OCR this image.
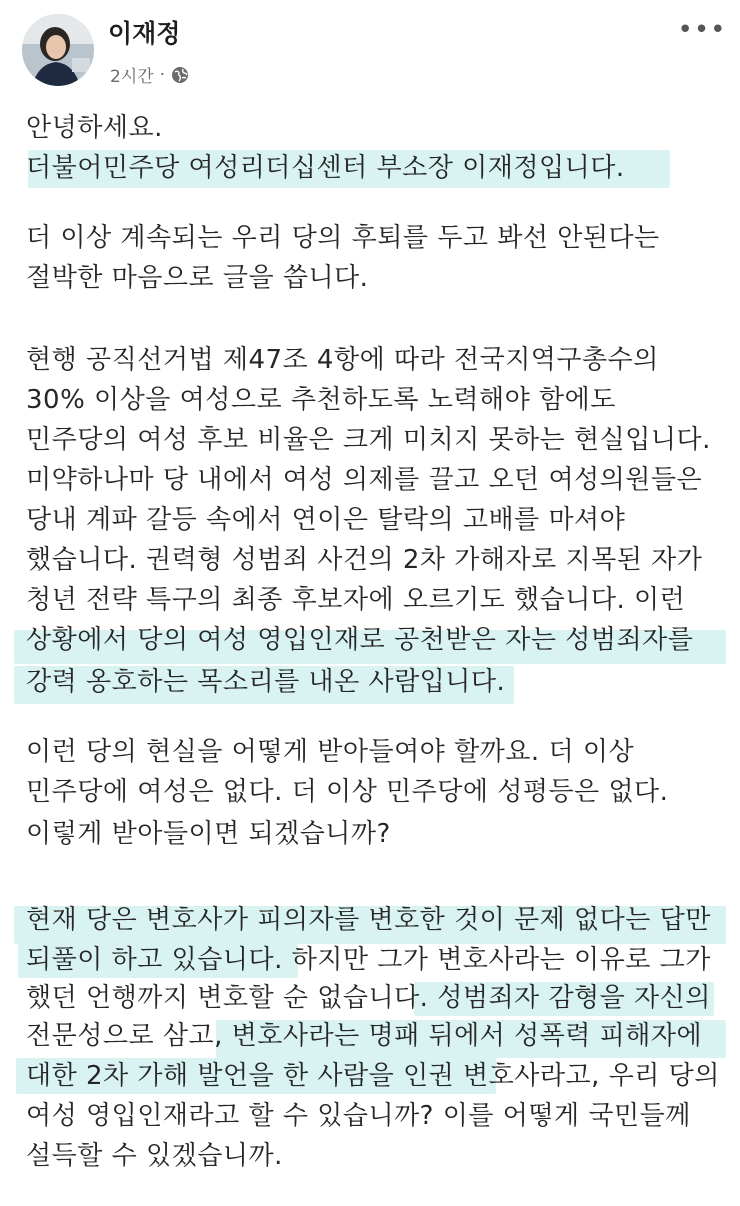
이재정
2시간 ·
•••
안녕하세요.
더불어민주당 여성리더십센터 부소장 이재정입니다.
더 이상 계속되는 우리 당의 후퇴를 두고 봐선 안된다는
절박한 마음으로 글을 씁니다.
현행 공직선거법 제47조 4항에 따라 전국지역구총수의
30% 이상을 여성으로 추천하도록 노력해야 함에도
민주당의 여성 후보 비율은 크게 미치지 못하는 현실입니다.
미약하나마 당 내에서 여성 의제를 끌고 오던 여성의원들은
당내 계파 갈등 속에서 연이은 탈락의 고배를 마셔야
했습니다. 권력형 성범죄 사건의 2차 가해자로 지목된 자가
청년 전략 특구의 최종 후보자에 오르기도 했습니다. 이런
상황에서 당의 여성 영입인재로 공천받은 자는 성범죄자를
강력 옹호하는 목소리를 내온 사람입니다.
이런 당의 현실을 어떻게 받아들여야 할까요. 더 이상
민주당에 여성은 없다. 더 이상 민주당에 성평등은 없다.
이렇게 받아들이면 되겠습니까?
현재 당은 변호사가 피의자를 변호한 것이 문제 없다는 답만
되풀이 하고 있습니다. 하지만 그가 변호사라는 이유로 그가
했던 언행까지 변호할 순 없습니다. 성범죄자 감형을 자신의
전문성으로 삼고, 변호사라는 명패 뒤에서 성폭력 피해자에
대한 2차 가해 발언을 한 사람을 인권 변호사라고, 우리 당의
여성 영입인재라고 할 수 있습니까? 이를 어떻게 국민들께
설득할 수 있겠습니까.
